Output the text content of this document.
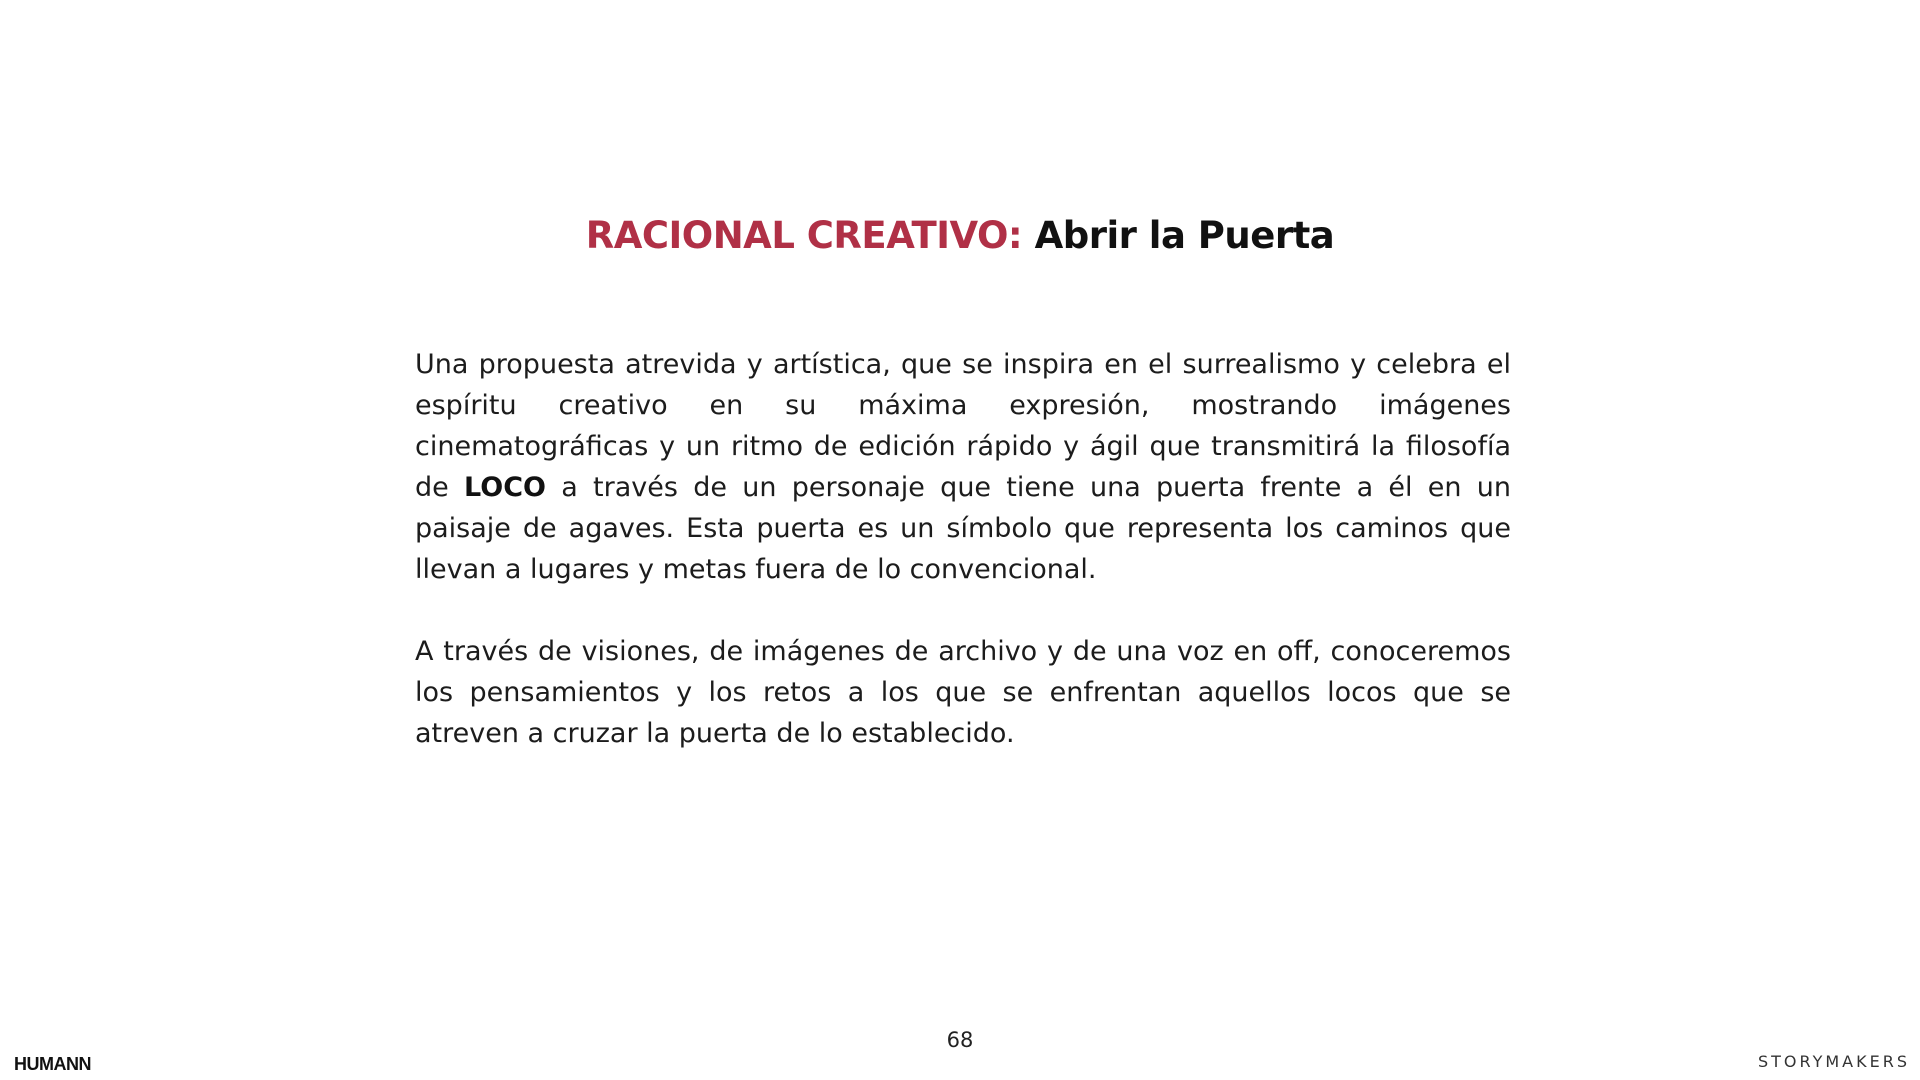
RACIONAL CREATIVO: Abrir la Puerta

Una propuesta atrevida y artística, que se inspira en el surrealismo y celebra el espíritu creativo en su máxima expresión, mostrando imágenes cinematográficas y un ritmo de edición rápido y ágil que transmitirá la filosofía de LOCO a través de un personaje que tiene una puerta frente a él en un paisaje de agaves. Esta puerta es un símbolo que representa los caminos que llevan a lugares y metas fuera de lo convencional.

A través de visiones, de imágenes de archivo y de una voz en off, conoceremos los pensamientos y los retos a los que se enfrentan aquellos locos que se atreven a cruzar la puerta de lo establecido.

68
HUMANN	STORYMAKERS
